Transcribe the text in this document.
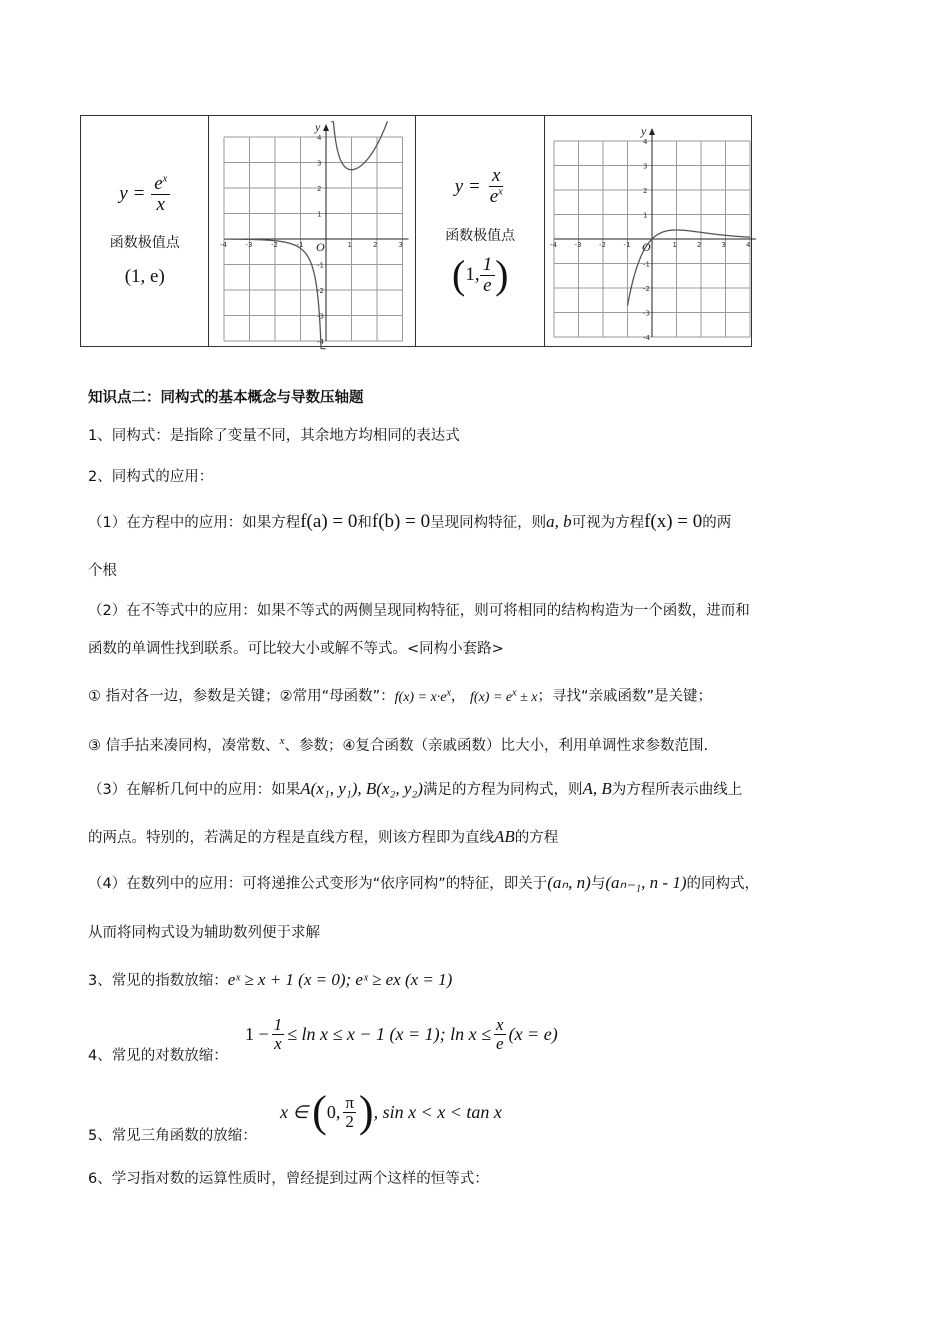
$y = \frac{e^x}{x}$
函数极值点
(1, e)

y
O
-4	-3	-2	-1	1	2	3
4
3
2
1
-1
-2
-3
-4

$y = \frac{x}{e^x}$
函数极值点
( 1, $\frac{1}{e}$ )

y
O
-4	-3	-2	-1	1	2	3	4
4
3
2
1
-1
-2
-3
-4
知识点二：同构式的基本概念与导数压轴题
1、同构式：是指除了变量不同，其余地方均相同的表达式
2、同构式的应用：
（1）在方程中的应用：如果方程f(a) = 0和f(b) = 0呈现同构特征，则a, b可视为方程f(x) = 0的两
个根
（2）在不等式中的应用：如果不等式的两侧呈现同构特征，则可将相同的结构构造为一个函数，进而和
函数的单调性找到联系。可比较大小或解不等式。<同构小套路>
① 指对各一边，参数是关键；②常用“母函数”：$f(x) = x\cdot e^x$， $f(x) = e^x \pm x$；寻找“亲戚函数”是关键；
③ 信手拈来凑同构，凑常数、$^x$、参数；④复合函数（亲戚函数）比大小，利用单调性求参数范围.
（3）在解析几何中的应用：如果A(x₁, y₁), B(x₂, y₂)满足的方程为同构式，则A, B为方程所表示曲线上
的两点。特别的，若满足的方程是直线方程，则该方程即为直线AB的方程
（4）在数列中的应用：可将递推公式变形为“依序同构”的特征，即关于(aₙ, n)与(aₙ₋₁, n - 1)的同构式，
从而将同构式设为辅助数列便于求解
3、常见的指数放缩：eˣ ≥ x + 1 (x = 0); eˣ ≥ ex (x = 1)
4、常见的对数放缩：
$1 - \frac{1}{x} \le \ln x \le x - 1$ (x = 1); $\ln x \le \frac{x}{e} (x = e)$
5、常见三角函数的放缩：
x ∈ ( 0, $\frac{\pi}{2}$ ) , sin x < x < tan x
6、学习指对数的运算性质时，曾经提到过两个这样的恒等式：
